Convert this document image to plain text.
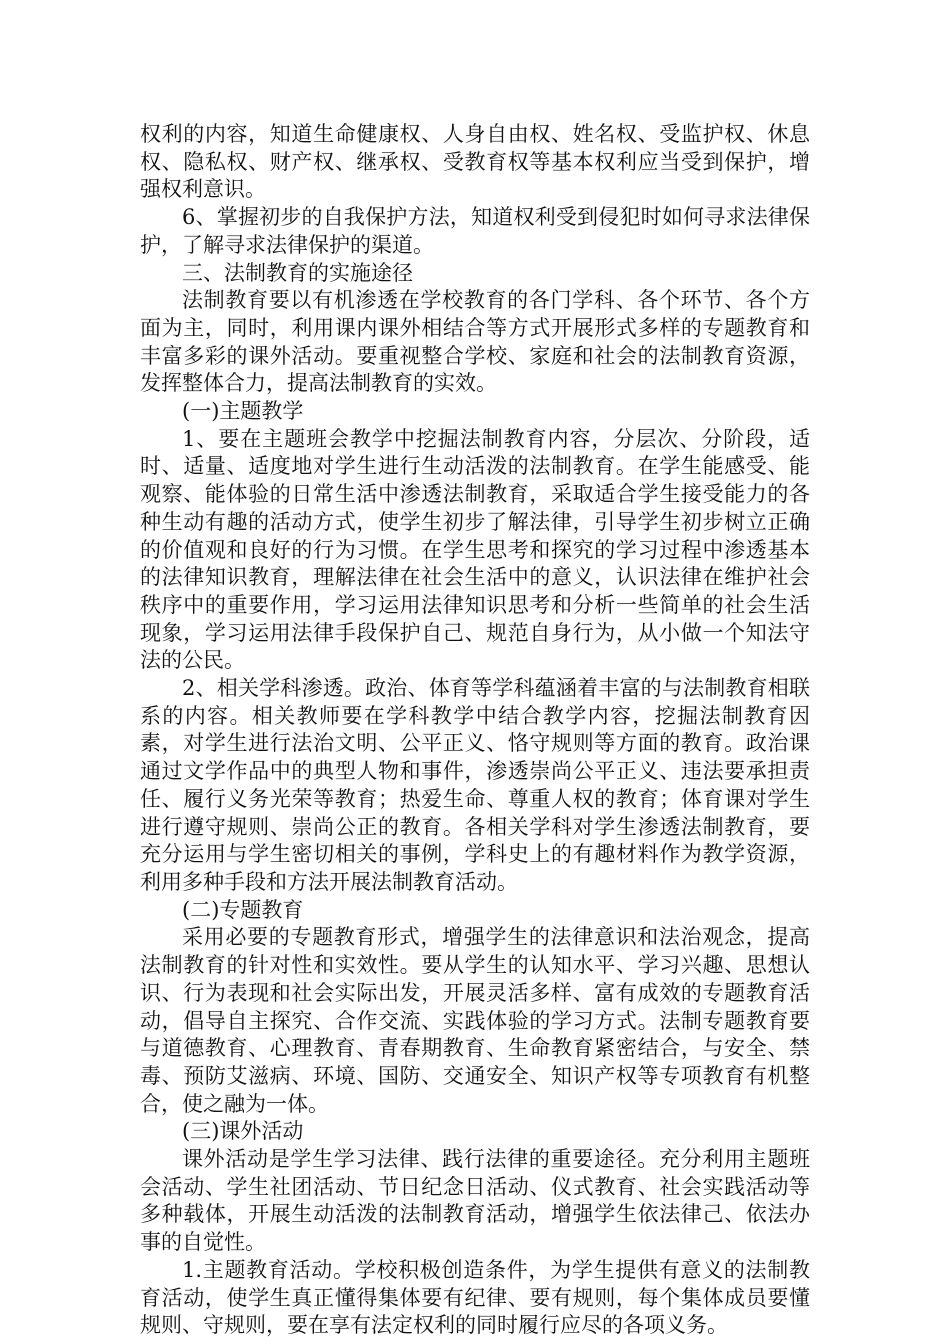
权利的内容，知道生命健康权、人身自由权、姓名权、受监护权、休息权、隐私权、财产权、继承权、受教育权等基本权利应当受到保护，增强权利意识。

6、掌握初步的自我保护方法，知道权利受到侵犯时如何寻求法律保护，了解寻求法律保护的渠道。

三、法制教育的实施途径

法制教育要以有机渗透在学校教育的各门学科、各个环节、各个方面为主，同时，利用课内课外相结合等方式开展形式多样的专题教育和丰富多彩的课外活动。要重视整合学校、家庭和社会的法制教育资源，发挥整体合力，提高法制教育的实效。

(一)主题教学

1、要在主题班会教学中挖掘法制教育内容，分层次、分阶段，适时、适量、适度地对学生进行生动活泼的法制教育。在学生能感受、能观察、能体验的日常生活中渗透法制教育，采取适合学生接受能力的各种生动有趣的活动方式，使学生初步了解法律，引导学生初步树立正确的价值观和良好的行为习惯。在学生思考和探究的学习过程中渗透基本的法律知识教育，理解法律在社会生活中的意义，认识法律在维护社会秩序中的重要作用，学习运用法律知识思考和分析一些简单的社会生活现象，学习运用法律手段保护自己、规范自身行为，从小做一个知法守法的公民。

2、相关学科渗透。政治、体育等学科蕴涵着丰富的与法制教育相联系的内容。相关教师要在学科教学中结合教学内容，挖掘法制教育因素，对学生进行法治文明、公平正义、恪守规则等方面的教育。政治课通过文学作品中的典型人物和事件，渗透崇尚公平正义、违法要承担责任、履行义务光荣等教育；热爱生命、尊重人权的教育；体育课对学生进行遵守规则、崇尚公正的教育。各相关学科对学生渗透法制教育，要充分运用与学生密切相关的事例，学科史上的有趣材料作为教学资源，利用多种手段和方法开展法制教育活动。

(二)专题教育

采用必要的专题教育形式，增强学生的法律意识和法治观念，提高法制教育的针对性和实效性。要从学生的认知水平、学习兴趣、思想认识、行为表现和社会实际出发，开展灵活多样、富有成效的专题教育活动，倡导自主探究、合作交流、实践体验的学习方式。法制专题教育要与道德教育、心理教育、青春期教育、生命教育紧密结合，与安全、禁毒、预防艾滋病、环境、国防、交通安全、知识产权等专项教育有机整合，使之融为一体。

(三)课外活动

课外活动是学生学习法律、践行法律的重要途径。充分利用主题班会活动、学生社团活动、节日纪念日活动、仪式教育、社会实践活动等多种载体，开展生动活泼的法制教育活动，增强学生依法律己、依法办事的自觉性。

1.主题教育活动。学校积极创造条件，为学生提供有意义的法制教育活动，使学生真正懂得集体要有纪律、要有规则，每个集体成员要懂规则、守规则，要在享有法定权利的同时履行应尽的各项义务。
